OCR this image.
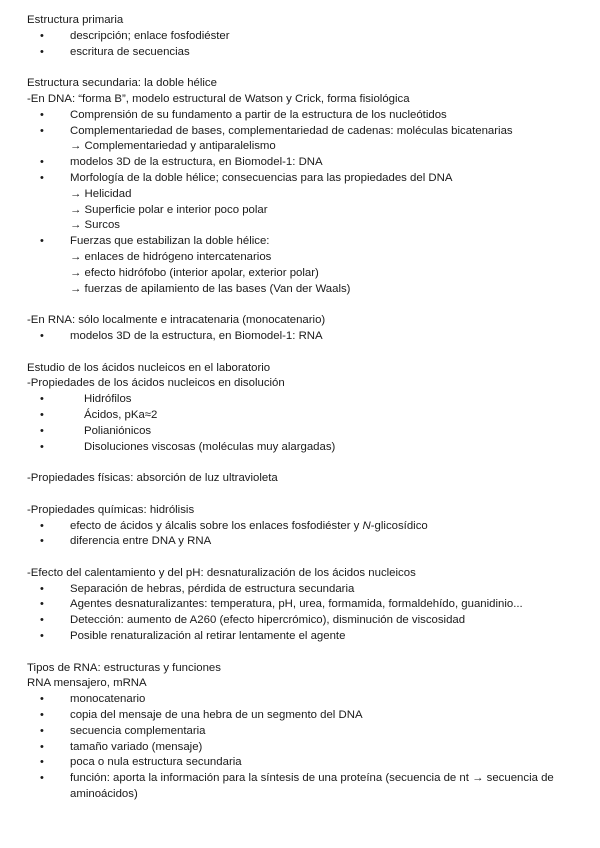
Estructura primaria
• descripción; enlace fosfodiéster
• escritura de secuencias
Estructura secundaria: la doble hélice
-En DNA: “forma B”, modelo estructural de Watson y Crick, forma fisiológica
• Comprensión de su fundamento a partir de la estructura de los nucleótidos
• Complementariedad de bases, complementariedad de cadenas: moléculas bicatenarias
→ Complementariedad y antiparalelismo
• modelos 3D de la estructura, en Biomodel-1: DNA
• Morfología de la doble hélice; consecuencias para las propiedades del DNA
→ Helicidad
→ Superficie polar e interior poco polar
→ Surcos
• Fuerzas que estabilizan la doble hélice:
→ enlaces de hidrógeno intercatenarios
→ efecto hidrófobo (interior apolar, exterior polar)
→ fuerzas de apilamiento de las bases (Van der Waals)
-En RNA: sólo localmente e intracatenaria (monocatenario)
• modelos 3D de la estructura, en Biomodel-1: RNA
Estudio de los ácidos nucleicos en el laboratorio
-Propiedades de los ácidos nucleicos en disolución
•	Hidrófilos
•	Ácidos, pKa≈2
•	Polianiónicos
•	Disoluciones viscosas (moléculas muy alargadas)
-Propiedades físicas: absorción de luz ultravioleta
-Propiedades químicas: hidrólisis
• efecto de ácidos y álcalis sobre los enlaces fosfodiéster y N-glicosídico
• diferencia entre DNA y RNA
-Efecto del calentamiento y del pH: desnaturalización de los ácidos nucleicos
• Separación de hebras, pérdida de estructura secundaria
• Agentes desnaturalizantes: temperatura, pH, urea, formamida, formaldehído, guanidinio...
• Detección: aumento de A260 (efecto hipercrómico), disminución de viscosidad
• Posible renaturalización al retirar lentamente el agente
Tipos de RNA: estructuras y funciones
RNA mensajero, mRNA
• monocatenario
• copia del mensaje de una hebra de un segmento del DNA
• secuencia complementaria
• tamaño variado (mensaje)
• poca o nula estructura secundaria
• función: aporta la información para la síntesis de una proteína (secuencia de nt → secuencia de aminoácidos)
